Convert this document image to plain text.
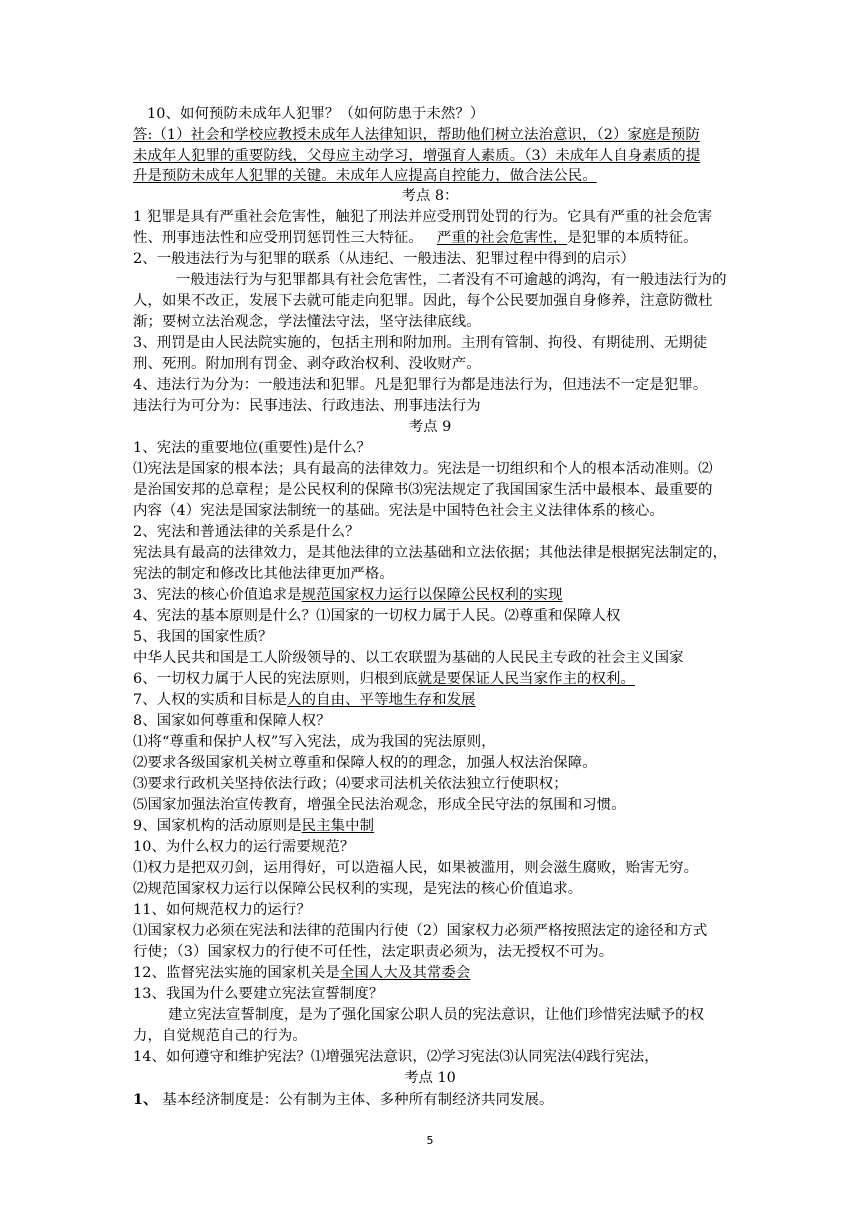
10、如何预防未成年人犯罪？（如何防患于未然？）
答:（1）社会和学校应教授未成年人法律知识，帮助他们树立法治意识，（2）家庭是预防
未成年人犯罪的重要防线，父母应主动学习，增强育人素质。（3）未成年人自身素质的提
升是预防未成年人犯罪的关键。未成年人应提高自控能力，做合法公民。
考点 8：
1 犯罪是具有严重社会危害性，触犯了刑法并应受刑罚处罚的行为。它具有严重的社会危害
性、刑事违法性和应受刑罚惩罚性三大特征。 严重的社会危害性，是犯罪的本质特征。
2、一般违法行为与犯罪的联系（从违纪、一般违法、犯罪过程中得到的启示）
一般违法行为与犯罪都具有社会危害性，二者没有不可逾越的鸿沟，有一般违法行为的
人，如果不改正，发展下去就可能走向犯罪。因此，每个公民要加强自身修养，注意防微杜
渐；要树立法治观念，学法懂法守法，坚守法律底线。
3、刑罚是由人民法院实施的，包括主刑和附加刑。主刑有管制、拘役、有期徒刑、无期徒
刑、死刑。附加刑有罚金、剥夺政治权利、没收财产。
4、违法行为分为：一般违法和犯罪。凡是犯罪行为都是违法行为，但违法不一定是犯罪。
违法行为可分为：民事违法、行政违法、刑事违法行为
考点 9
1、宪法的重要地位(重要性)是什么？
⑴宪法是国家的根本法；具有最高的法律效力。宪法是一切组织和个人的根本活动准则。⑵
是治国安邦的总章程；是公民权利的保障书⑶宪法规定了我国国家生活中最根本、最重要的
内容（4）宪法是国家法制统一的基础。宪法是中国特色社会主义法律体系的核心。
2、宪法和普通法律的关系是什么？
宪法具有最高的法律效力，是其他法律的立法基础和立法依据；其他法律是根据宪法制定的，
宪法的制定和修改比其他法律更加严格。
3、宪法的核心价值追求是规范国家权力运行以保障公民权利的实现
4、宪法的基本原则是什么？⑴国家的一切权力属于人民。⑵尊重和保障人权
5、我国的国家性质？
中华人民共和国是工人阶级领导的、以工农联盟为基础的人民民主专政的社会主义国家
6、一切权力属于人民的宪法原则，归根到底就是要保证人民当家作主的权利。
7、人权的实质和目标是人的自由、平等地生存和发展
8、国家如何尊重和保障人权？
⑴将“尊重和保护人权”写入宪法，成为我国的宪法原则，
⑵要求各级国家机关树立尊重和保障人权的的理念，加强人权法治保障。
⑶要求行政机关坚持依法行政；⑷要求司法机关依法独立行使职权；
⑸国家加强法治宣传教育，增强全民法治观念，形成全民守法的氛围和习惯。
9、国家机构的活动原则是民主集中制
10、为什么权力的运行需要规范？
⑴权力是把双刃剑，运用得好，可以造福人民，如果被滥用，则会滋生腐败，贻害无穷。
⑵规范国家权力运行以保障公民权利的实现，是宪法的核心价值追求。
11、如何规范权力的运行？
⑴国家权力必须在宪法和法律的范围内行使（2）国家权力必须严格按照法定的途径和方式
行使；（3）国家权力的行使不可任性，法定职责必须为，法无授权不可为。
12、监督宪法实施的国家机关是全国人大及其常委会
13、我国为什么要建立宪法宣誓制度？
建立宪法宣誓制度，是为了强化国家公职人员的宪法意识，让他们珍惜宪法赋予的权
力，自觉规范自己的行为。
14、如何遵守和维护宪法？⑴增强宪法意识，⑵学习宪法⑶认同宪法⑷践行宪法，
考点 10
1、 基本经济制度是：公有制为主体、多种所有制经济共同发展。
5
